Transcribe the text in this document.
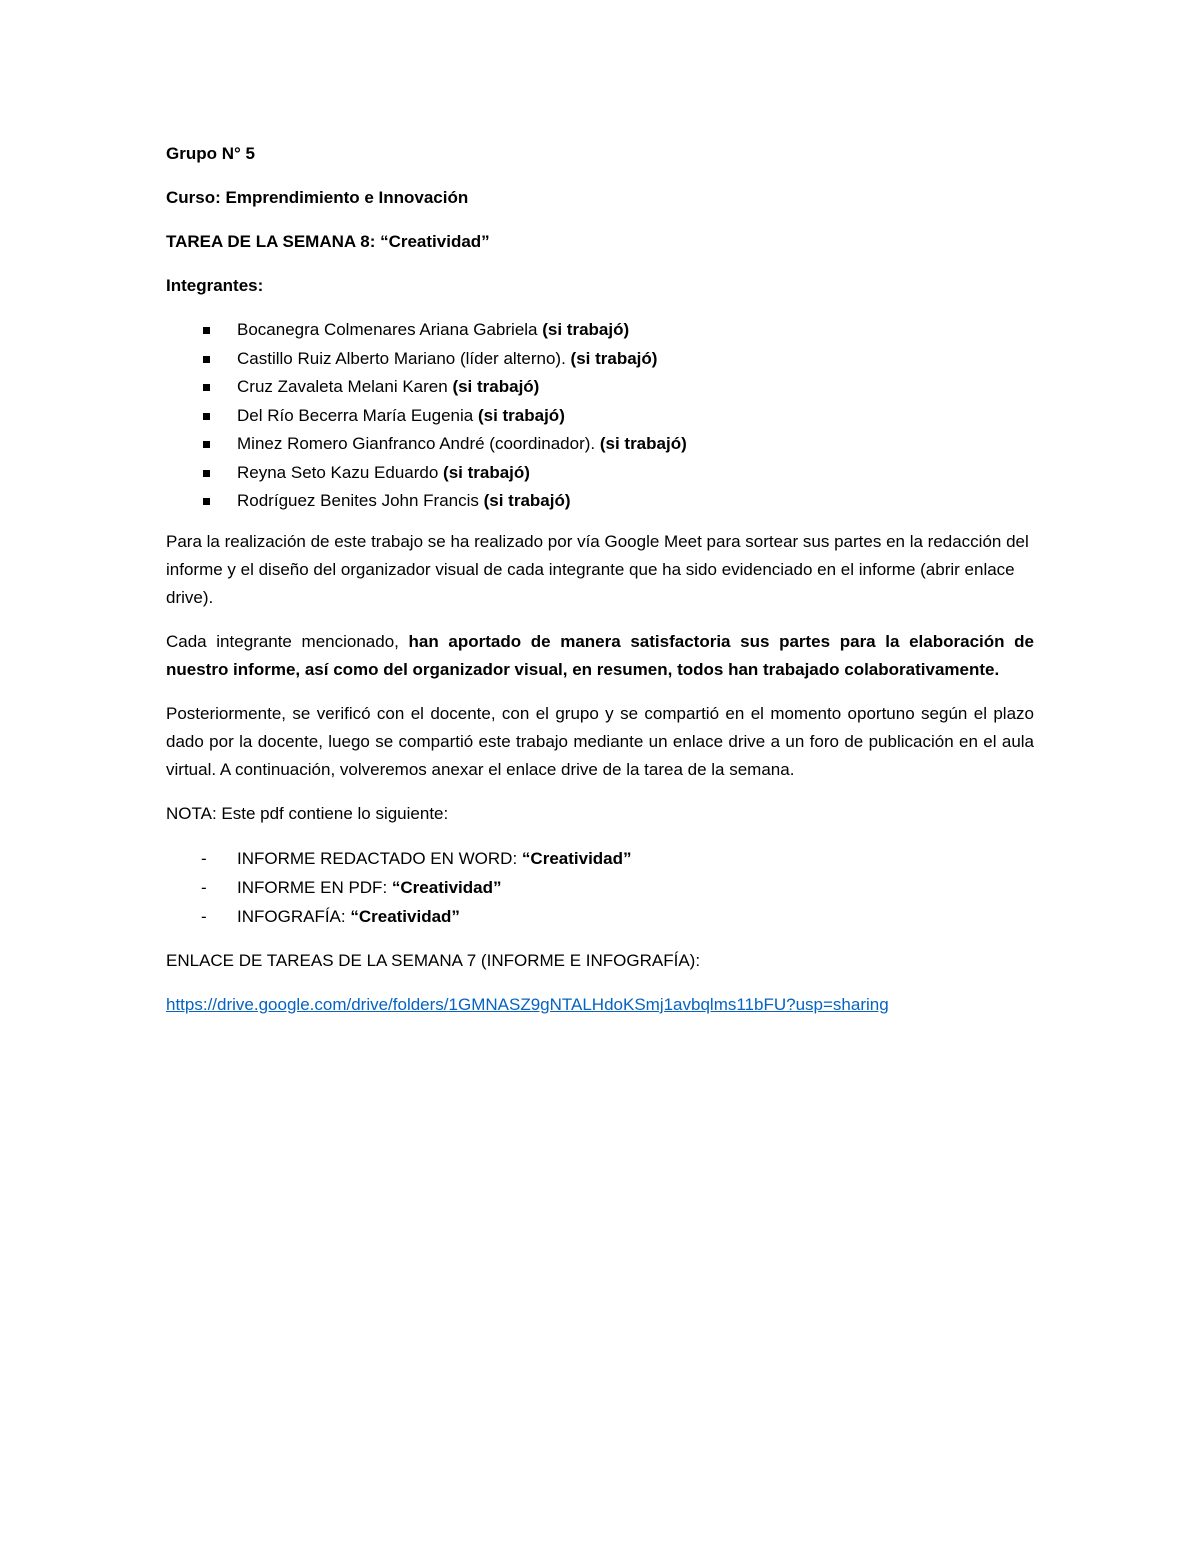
Grupo N° 5

Curso: Emprendimiento e Innovación

TAREA DE LA SEMANA 8: “Creatividad”

Integrantes:

Bocanegra Colmenares Ariana Gabriela (si trabajó)
Castillo Ruiz Alberto Mariano (líder alterno). (si trabajó)
Cruz Zavaleta Melani Karen (si trabajó)
Del Río Becerra María Eugenia (si trabajó)
Minez Romero Gianfranco André (coordinador). (si trabajó)
Reyna Seto Kazu Eduardo (si trabajó)
Rodríguez Benites John Francis (si trabajó)

Para la realización de este trabajo se ha realizado por vía Google Meet para sortear sus partes en la redacción del informe y el diseño del organizador visual de cada integrante que ha sido evidenciado en el informe (abrir enlace drive).

Cada integrante mencionado, han aportado de manera satisfactoria sus partes para la elaboración de nuestro informe, así como del organizador visual, en resumen, todos han trabajado colaborativamente.

Posteriormente, se verificó con el docente, con el grupo y se compartió en el momento oportuno según el plazo dado por la docente, luego se compartió este trabajo mediante un enlace drive a un foro de publicación en el aula virtual. A continuación, volveremos anexar el enlace drive de la tarea de la semana.

NOTA: Este pdf contiene lo siguiente:

- INFORME REDACTADO EN WORD: “Creatividad”
- INFORME EN PDF: “Creatividad”
- INFOGRAFÍA: “Creatividad”

ENLACE DE TAREAS DE LA SEMANA 7 (INFORME E INFOGRAFÍA):

https://drive.google.com/drive/folders/1GMNASZ9gNTALHdoKSmj1avbqlms11bFU?usp=sharing
